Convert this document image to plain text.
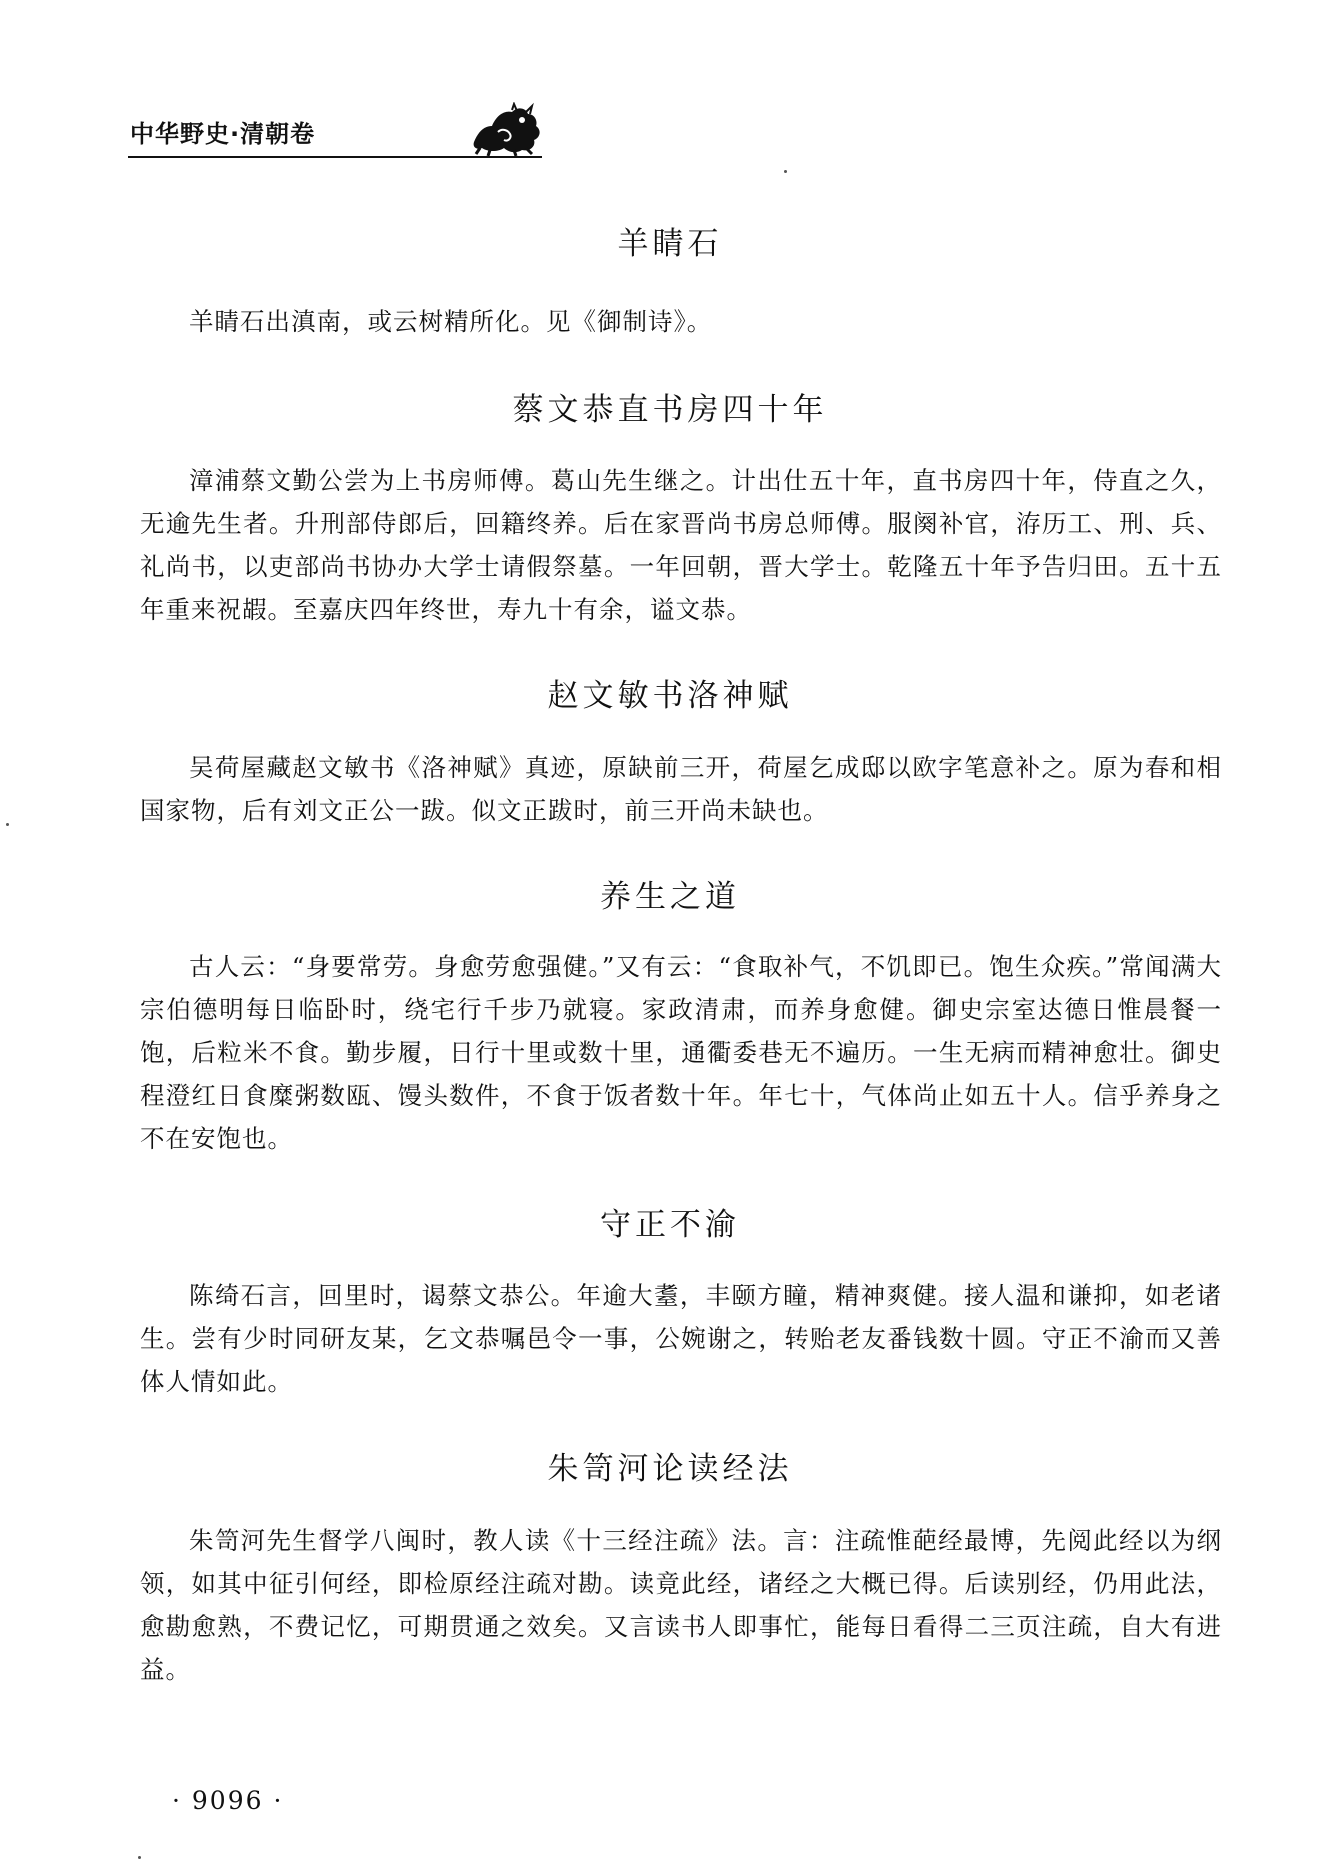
中华野史·清朝卷
羊睛石

羊睛石出滇南，或云树精所化。见《御制诗》。

蔡文恭直书房四十年

漳浦蔡文勤公尝为上书房师傅。葛山先生继之。计出仕五十年，直书房四十年，侍直之久，无逾先生者。升刑部侍郎后，回籍终养。后在家晋尚书房总师傅。服阕补官，洊历工、刑、兵、礼尚书，以吏部尚书协办大学士请假祭墓。一年回朝，晋大学士。乾隆五十年予告归田。五十五年重来祝嘏。至嘉庆四年终世，寿九十有余，谥文恭。

赵文敏书洛神赋

吴荷屋藏赵文敏书《洛神赋》真迹，原缺前三开，荷屋乞成邸以欧字笔意补之。原为春和相国家物，后有刘文正公一跋。似文正跋时，前三开尚未缺也。

养生之道

古人云：“身要常劳。身愈劳愈强健。”又有云：“食取补气，不饥即已。饱生众疾。”常闻满大宗伯德明每日临卧时，绕宅行千步乃就寝。家政清肃，而养身愈健。御史宗室达德日惟晨餐一饱，后粒米不食。勤步履，日行十里或数十里，通衢委巷无不遍历。一生无病而精神愈壮。御史程澄红日食糜粥数瓯、馒头数件，不食于饭者数十年。年七十，气体尚止如五十人。信乎养身之不在安饱也。

守正不渝

陈绮石言，回里时，谒蔡文恭公。年逾大耋，丰颐方瞳，精神爽健。接人温和谦抑，如老诸生。尝有少时同研友某，乞文恭嘱邑令一事，公婉谢之，转贻老友番钱数十圆。守正不渝而又善体人情如此。

朱笥河论读经法

朱笥河先生督学八闽时，教人读《十三经注疏》法。言：注疏惟葩经最博，先阅此经以为纲领，如其中征引何经，即检原经注疏对勘。读竟此经，诸经之大概已得。后读别经，仍用此法，愈勘愈熟，不费记忆，可期贯通之效矣。又言读书人即事忙，能每日看得二三页注疏，自大有进益。

· 9096 ·
